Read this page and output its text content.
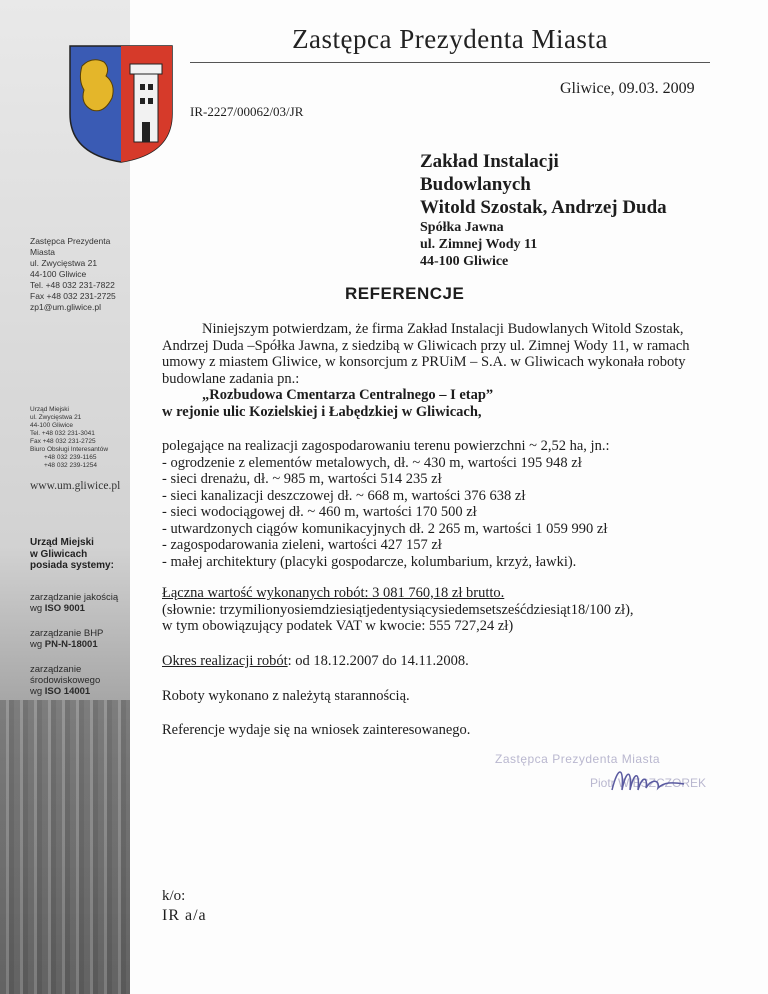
Zastępca Prezydenta Miasta
Gliwice, 09.03. 2009
IR-2227/00062/03/JR
Zakład Instalacji
Budowlanych
Witold Szostak, Andrzej Duda
Spółka Jawna
ul. Zimnej Wody 11
44-100 Gliwice
Zastępca Prezydenta
Miasta
ul. Zwycięstwa 21
44-100 Gliwice
Tel. +48 032 231-7822
Fax +48 032 231-2725
zp1@um.gliwice.pl
Urząd Miejski
ul. Zwycięstwa 21
44-100 Gliwice
Tel. +48 032 231-3041
Fax +48 032 231-2725
Biuro Obsługi Interesantów
+48 032 239-1165
+48 032 239-1254
www.um.gliwice.pl
Urząd Miejski
w Gliwicach
posiada systemy:
zarządzanie jakością
wg ISO 9001
zarządzanie BHP
wg PN-N-18001
zarządzanie
środowiskowego
wg ISO 14001
REFERENCJE
Niniejszym potwierdzam, że firma Zakład Instalacji Budowlanych Witold Szostak, Andrzej Duda –Spółka Jawna, z siedzibą w Gliwicach przy ul. Zimnej Wody 11, w ramach umowy z miastem Gliwice, w konsorcjum z PRUiM – S.A. w Gliwicach wykonała roboty budowlane zadania pn.:
„Rozbudowa Cmentarza Centralnego – I etap”
w rejonie ulic Kozielskiej i Łabędzkiej w Gliwicach,
polegające na realizacji zagospodarowaniu terenu powierzchni ~ 2,52 ha, jn.:
- ogrodzenie z elementów metalowych, dł. ~ 430 m, wartości 195 948 zł
- sieci drenażu, dł. ~ 985 m, wartości 514 235 zł
- sieci kanalizacji deszczowej dł. ~ 668 m, wartości 376 638 zł
- sieci wodociągowej dł. ~ 460 m, wartości 170 500 zł
- utwardzonych ciągów komunikacyjnych dł. 2 265 m, wartości 1 059 990 zł
- zagospodarowania zieleni, wartości 427 157 zł
- małej architektury (placyki gospodarcze, kolumbarium, krzyż, ławki).
Łączna wartość wykonanych robót: 3 081 760,18 zł brutto.
(słownie: trzymilionyosiemdziesiątjedentysiącysiedemsetsześćdziesiąt18/100 zł),
w tym obowiązujący podatek VAT w kwocie: 555 727,24 zł)
Okres realizacji robót: od 18.12.2007 do 14.11.2008.
Roboty wykonano z należytą starannością.
Referencje wydaje się na wniosek zainteresowanego.
Zastępca Prezydenta Miasta
Piotr WIESZCZOREK
k/o:
IR a/a
